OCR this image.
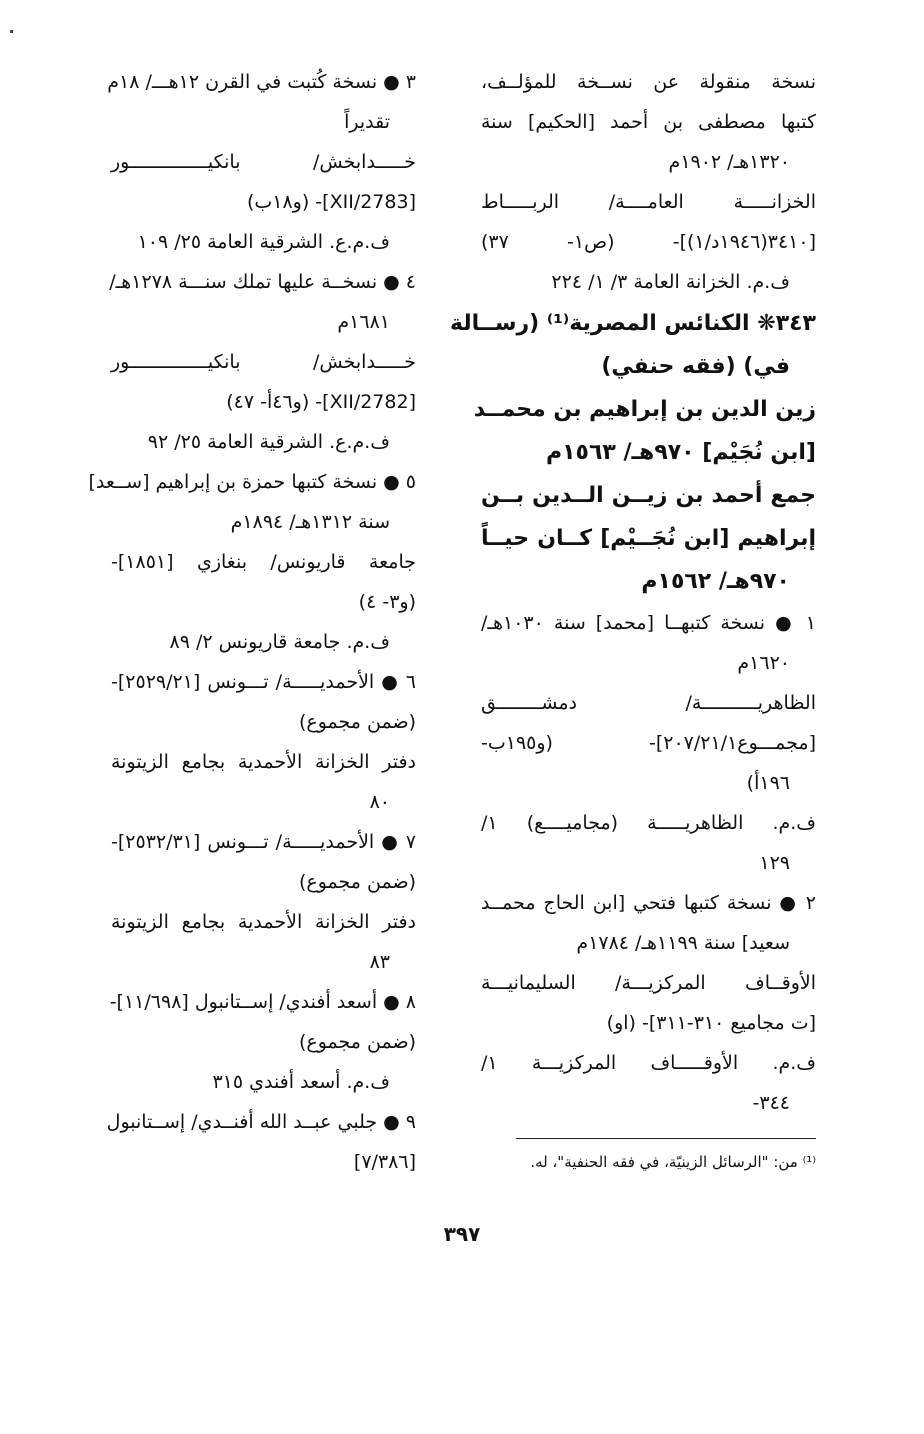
نسخة منقولة عن نســخة للمؤلــف،
كتبها مصطفى بن أحمد [الحكيم] سنة
١٣٢٠هـ/ ١٩٠٢م
الخزانـــــة العامــــة/ الربـــــاط
[٣٤١٠(١٩٤٦د/١)]- (ص١- ٣٧)
ف.م. الخزانة العامة ٣/ ١/ ٢٢٤
٣٤٣❋ الكنائس المصرية⁽¹⁾ (رســالة
في) (فقه حنفي)
زين الدين بن إبراهيم بن محمــد
[ابن نُجَيْم] ٩٧٠هـ/ ١٥٦٣م
جمع أحمد بن زيــن الــدين بــن
إبراهيم [ابن نُجَــيْم] كــان حيــاً
٩٧٠هـ/ ١٥٦٢م
١ ● نسخة كتبهــا [محمد] سنة ١٠٣٠هـ/
١٦٢٠م
الظاهريــــــــــة/ دمشــــــــق
[مجمـــوع٢٠٧/٢١/١]- (و١٩٥ب-
١٩٦أ)
ف.م. الظاهريـــــة (مجاميــــع) ١/
١٢٩
٢ ● نسخة كتبها فتحي [ابن الحاج محمــد
سعيد] سنة ١١٩٩هـ/ ١٧٨٤م
الأوقــاف المركزيـــة/ السليمانيـــة
[ت مجاميع ٣١٠-٣١١]- (او)
ف.م. الأوقـــــاف المركزيـــة ١/
٣٤٤-
٣ ● نسخة كُتبت في القرن ١٢هـــ/ ١٨م
تقديراً
خـــــدابخش/ بانكيــــــــــــــور
[2783/XII]- (و١٨ب)
ف.م.ع. الشرقية العامة ٢٥/ ١٠٩
٤ ● نسخــة عليها تملك سنـــة ١٢٧٨هـ/
١٦٨١م
خـــــدابخش/ بانكيــــــــــــــور
[2782/XII]- (و٤٦أ- ٤٧)
ف.م.ع. الشرقية العامة ٢٥/ ٩٢
٥ ● نسخة كتبها حمزة بن إبراهيم [ســعد]
سنة ١٣١٢هـ/ ١٨٩٤م
جامعة قاريونس/ بنغازي [١٨٥١]-
(و٣- ٤)
ف.م. جامعة قاريونس ٢/ ٨٩
٦ ● الأحمديـــــة/ تـــونس [٢٥٢٩/٢١]-
(ضمن مجموع)
دفتر الخزانة الأحمدية بجامع الزيتونة
٨٠
٧ ● الأحمديـــــة/ تـــونس [٢٥٣٢/٣١]-
(ضمن مجموع)
دفتر الخزانة الأحمدية بجامع الزيتونة
٨٣
٨ ● أسعد أفندي/ إســتانبول [١١/٦٩٨]-
(ضمن مجموع)
ف.م. أسعد أفندي ٣١٥
٩ ● جلبي عبــد الله أفنــدي/ إســتانبول
[٧/٣٨٦]	⁽¹⁾ من: "الرسائل الزينيّة، في فقه الحنفية"، له.
٣٩٧
